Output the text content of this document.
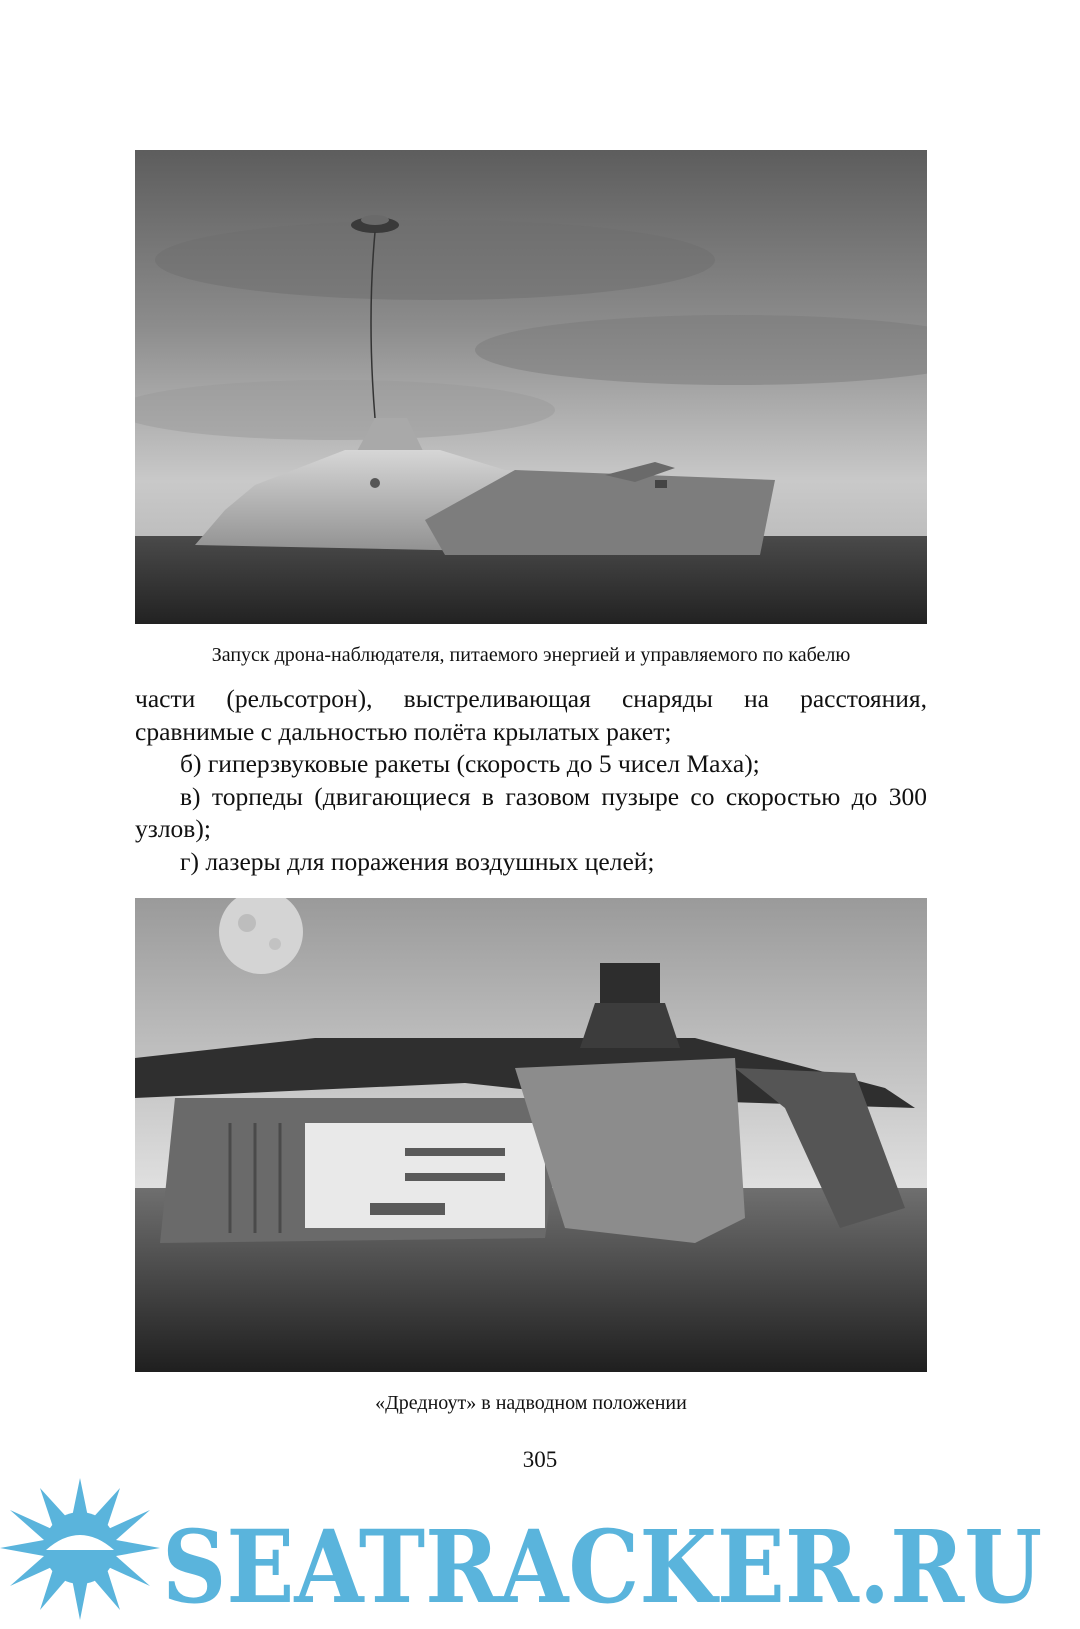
Запуск дрона-наблюдателя, питаемого энергией и управляемого по кабелю

части (рельсотрон), выстреливающая снаряды на расстояния, сравнимые с дальностью полёта крылатых ракет;

б) гиперзвуковые ракеты (скорость до 5 чисел Маха);

в) торпеды (двигающиеся в газовом пузыре со скоростью до 300 узлов);

г) лазеры для поражения воздушных целей;

«Дредноут» в надводном положении
305
SEATRACKER.RU
